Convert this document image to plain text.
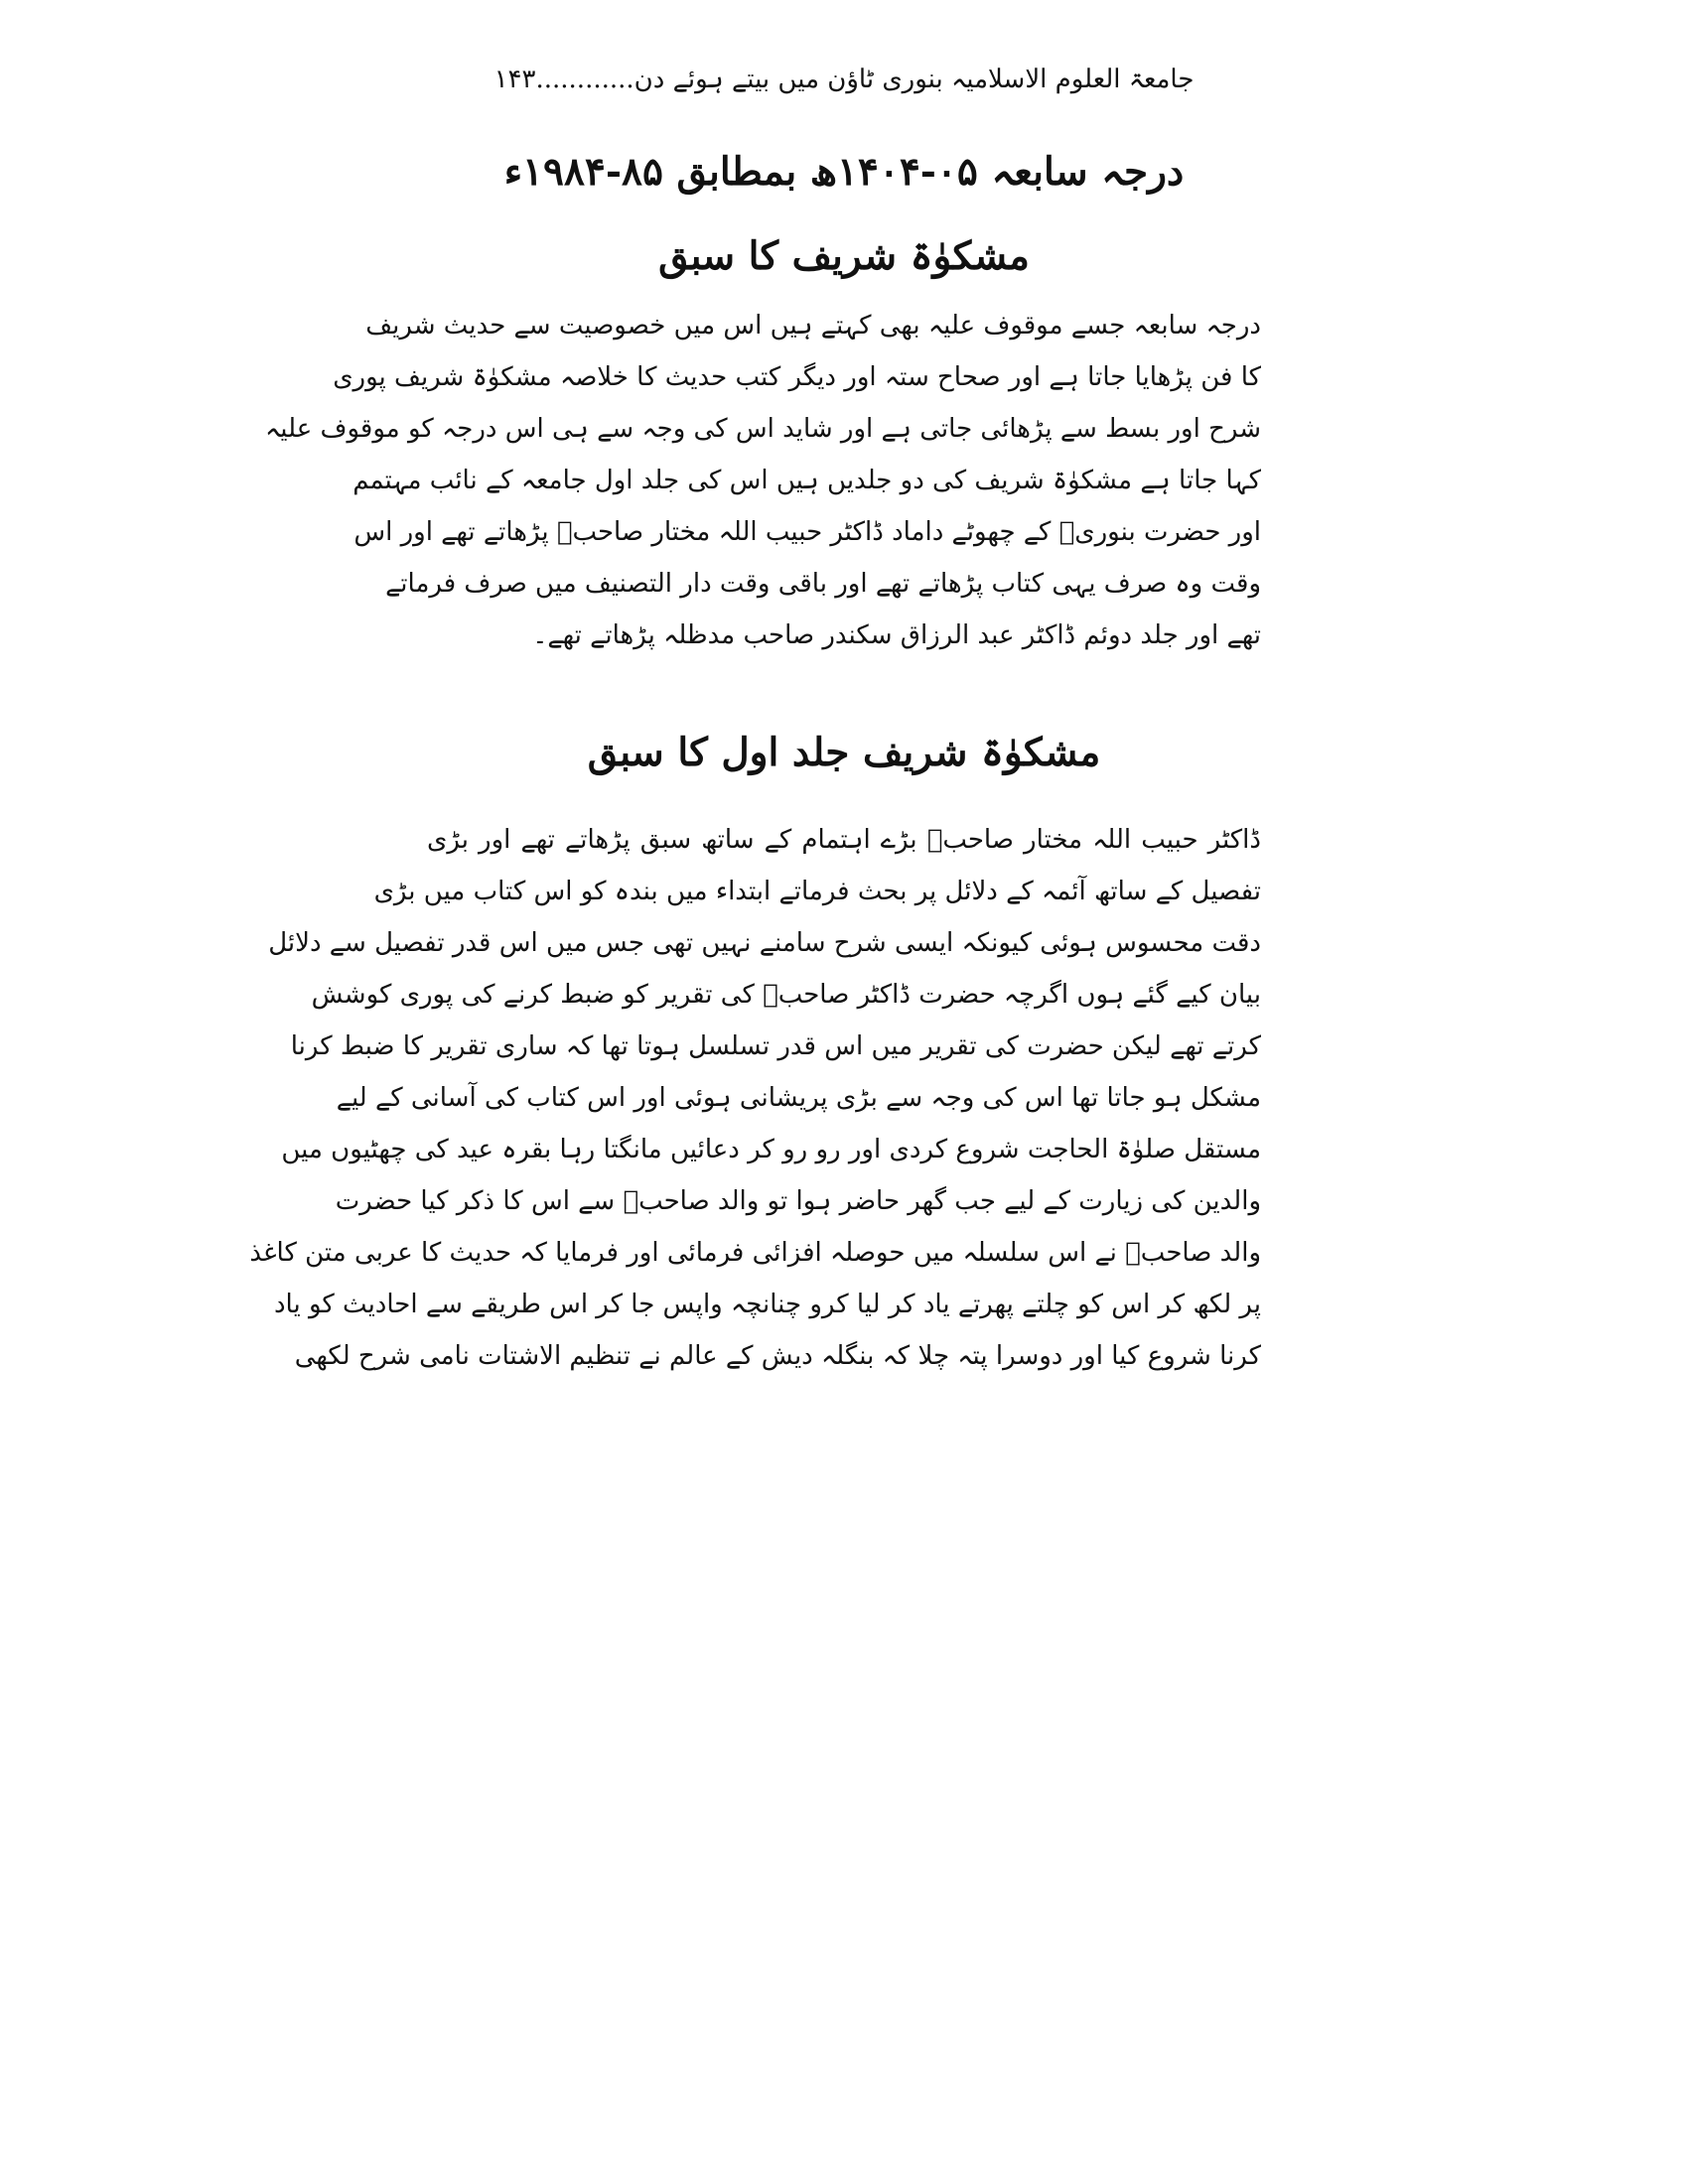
جامعۃ العلوم الاسلامیہ بنوری ٹاؤن میں بیتے ہوئے دن............۱۴۳
درجہ سابعہ ۰۵-۱۴۰۴ھ بمطابق ۸۵-۱۹۸۴ء
مشکوٰۃ شریف کا سبق
درجہ سابعہ جسے موقوف علیہ بھی کہتے ہیں اس میں خصوصیت سے حدیث شریف
کا فن پڑھایا جاتا ہے اور صحاح ستہ اور دیگر کتب حدیث کا خلاصہ مشکوٰۃ شریف پوری
شرح اور بسط سے پڑھائی جاتی ہے اور شاید اس کی وجہ سے ہی اس درجہ کو موقوف علیہ
کہا جاتا ہے مشکوٰۃ شریف کی دو جلدیں ہیں اس کی جلد اول جامعہ کے نائب مہتمم
اور حضرت بنوریؒ کے چھوٹے داماد ڈاکٹر حبیب اللہ مختار صاحبؒ پڑھاتے تھے اور اس
وقت وہ صرف یہی کتاب پڑھاتے تھے اور باقی وقت دار التصنیف میں صرف فرماتے
تھے اور جلد دوئم ڈاکٹر عبد الرزاق سکندر صاحب مدظلہ پڑھاتے تھے۔
مشکوٰۃ شریف جلد اول کا سبق
ڈاکٹر حبیب اللہ مختار صاحبؒ بڑے اہتمام کے ساتھ سبق پڑھاتے تھے اور بڑی
تفصیل کے ساتھ آئمہ کے دلائل پر بحث فرماتے ابتداء میں بندہ کو اس کتاب میں بڑی
دقت محسوس ہوئی کیونکہ ایسی شرح سامنے نہیں تھی جس میں اس قدر تفصیل سے دلائل
بیان کیے گئے ہوں اگرچہ حضرت ڈاکٹر صاحبؒ کی تقریر کو ضبط کرنے کی پوری کوشش
کرتے تھے لیکن حضرت کی تقریر میں اس قدر تسلسل ہوتا تھا کہ ساری تقریر کا ضبط کرنا
مشکل ہو جاتا تھا اس کی وجہ سے بڑی پریشانی ہوئی اور اس کتاب کی آسانی کے لیے
مستقل صلوٰۃ الحاجت شروع کردی اور رو رو کر دعائیں مانگتا رہا بقرہ عید کی چھٹیوں میں
والدین کی زیارت کے لیے جب گھر حاضر ہوا تو والد صاحبؒ سے اس کا ذکر کیا حضرت
والد صاحبؒ نے اس سلسلہ میں حوصلہ افزائی فرمائی اور فرمایا کہ حدیث کا عربی متن کاغذ
پر لکھ کر اس کو چلتے پھرتے یاد کر لیا کرو چنانچہ واپس جا کر اس طریقے سے احادیث کو یاد
کرنا شروع کیا اور دوسرا پتہ چلا کہ بنگلہ دیش کے عالم نے تنظیم الاشتات نامی شرح لکھی
